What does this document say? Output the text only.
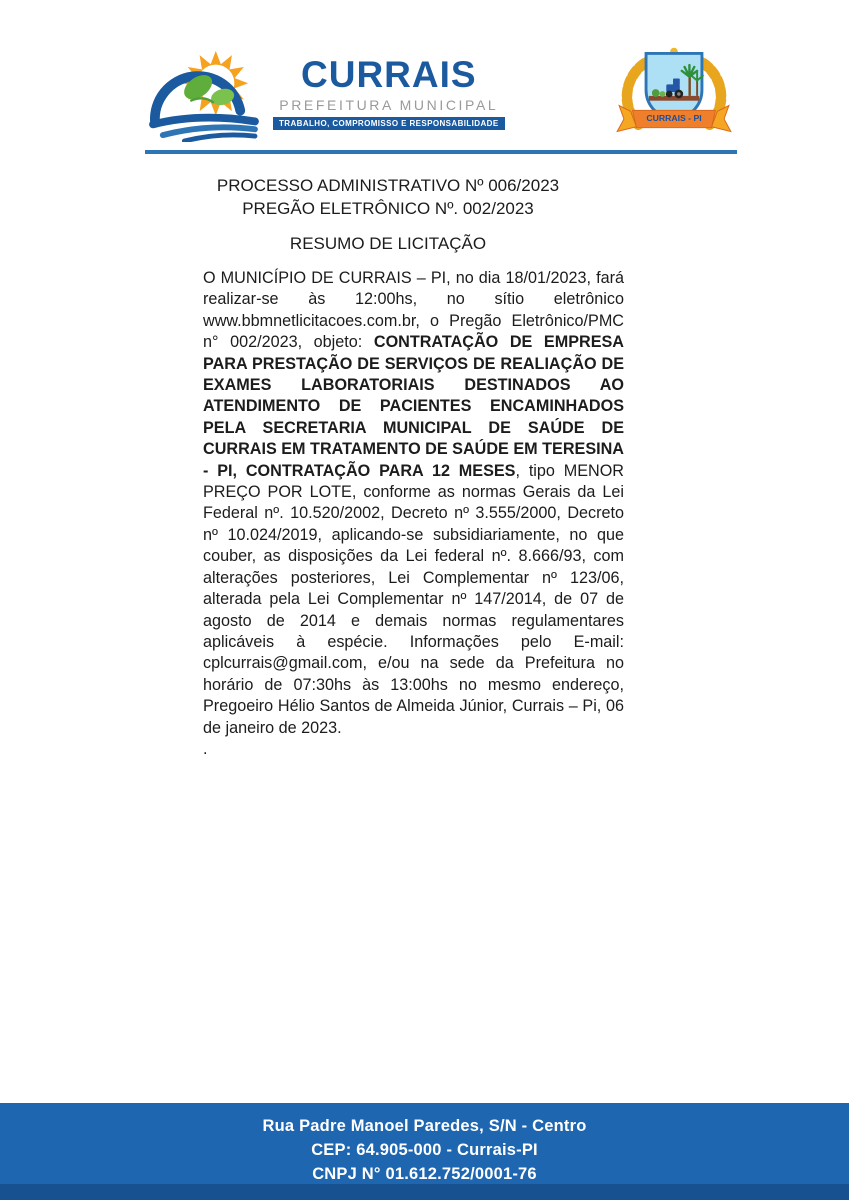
CURRAIS
PREFEITURA MUNICIPAL
TRABALHO, COMPROMISSO E RESPONSABILIDADE
CURRAIS - PI
PROCESSO ADMINISTRATIVO Nº 006/2023
PREGÃO ELETRÔNICO Nº. 002/2023
RESUMO DE LICITAÇÃO

O MUNICÍPIO DE CURRAIS – PI, no dia 18/01/2023, fará realizar-se às 12:00hs, no sítio eletrônico www.bbmnetlicitacoes.com.br, o Pregão Eletrônico/PMC n° 002/2023, objeto: CONTRATAÇÃO DE EMPRESA PARA PRESTAÇÃO DE SERVIÇOS DE REALIAÇÃO DE EXAMES LABORATORIAIS DESTINADOS AO ATENDIMENTO DE PACIENTES ENCAMINHADOS PELA SECRETARIA MUNICIPAL DE SAÚDE DE CURRAIS EM TRATAMENTO DE SAÚDE EM TERESINA - PI, CONTRATAÇÃO PARA 12 MESES, tipo MENOR PREÇO POR LOTE, conforme as normas Gerais da Lei Federal nº. 10.520/2002, Decreto nº 3.555/2000, Decreto nº 10.024/2019, aplicando-se subsidiariamente, no que couber, as disposições da Lei federal nº. 8.666/93, com alterações posteriores, Lei Complementar nº 123/06, alterada pela Lei Complementar nº 147/2014, de 07 de agosto de 2014 e demais normas regulamentares aplicáveis à espécie. Informações pelo E-mail: cplcurrais@gmail.com, e/ou na sede da Prefeitura no horário de 07:30hs às 13:00hs no mesmo endereço, Pregoeiro Hélio Santos de Almeida Júnior, Currais – Pi, 06 de janeiro de 2023.

.
Rua Padre Manoel Paredes, S/N - Centro
CEP: 64.905-000 - Currais-PI
CNPJ N° 01.612.752/0001-76
